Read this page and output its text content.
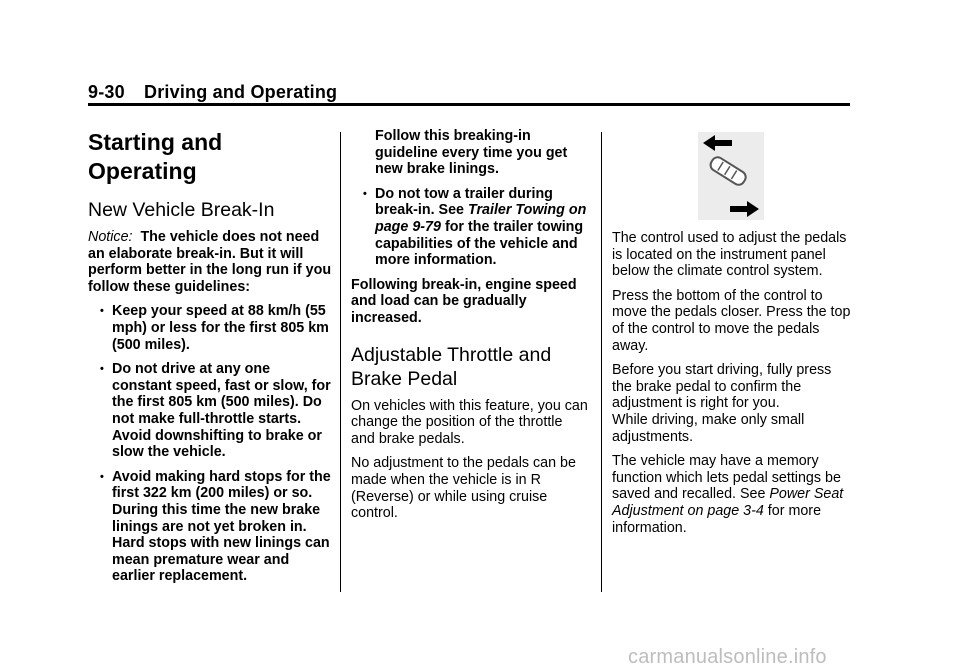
9-30 Driving and Operating
Starting and Operating
New Vehicle Break-In

Notice: The vehicle does not need an elaborate break-in. But it will perform better in the long run if you follow these guidelines:

• Keep your speed at 88 km/h (55 mph) or less for the first 805 km (500 miles).
• Do not drive at any one constant speed, fast or slow, for the first 805 km (500 miles). Do not make full-throttle starts. Avoid downshifting to brake or slow the vehicle.
• Avoid making hard stops for the first 322 km (200 miles) or so. During this time the new brake linings are not yet broken in. Hard stops with new linings can mean premature wear and earlier replacement.
Follow this breaking-in guideline every time you get new brake linings.
• Do not tow a trailer during break-in. See Trailer Towing on page 9-79 for the trailer towing capabilities of the vehicle and more information.

Following break-in, engine speed and load can be gradually increased.

Adjustable Throttle and Brake Pedal

On vehicles with this feature, you can change the position of the throttle and brake pedals.

No adjustment to the pedals can be made when the vehicle is in R (Reverse) or while using cruise control.

The control used to adjust the pedals is located on the instrument panel below the climate control system.

Press the bottom of the control to move the pedals closer. Press the top of the control to move the pedals away.

Before you start driving, fully press the brake pedal to confirm the adjustment is right for you.
While driving, make only small adjustments.

The vehicle may have a memory function which lets pedal settings be saved and recalled. See Power Seat Adjustment on page 3-4 for more information.

carmanualsonline.info
